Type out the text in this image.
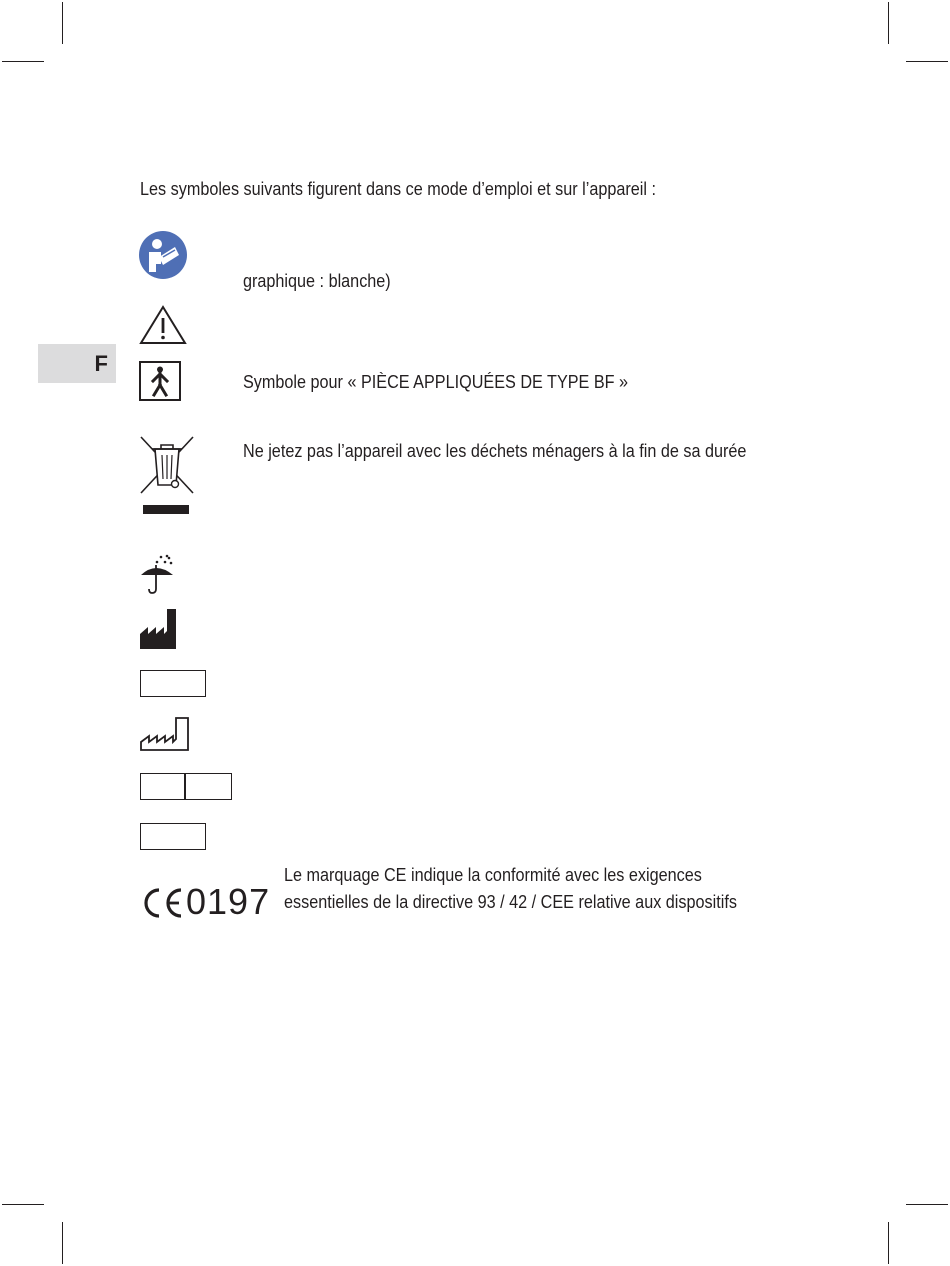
F
Les symboles suivants figurent dans ce mode d’emploi et sur l’appareil :
graphique : blanche)
Symbole pour « PIÈCE APPLIQUÉES DE TYPE BF »
Ne jetez pas l’appareil avec les déchets ménagers à la fin de sa durée
0197
Le marquage CE indique la conformité avec les exigences
essentielles de la directive 93 / 42 / CEE relative aux dispositifs
